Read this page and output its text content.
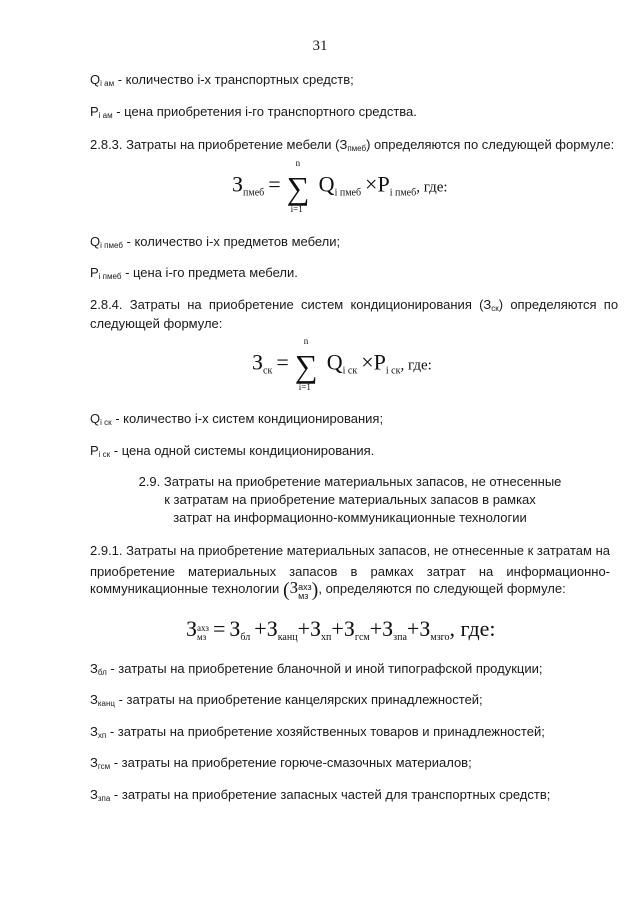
31
$Q_{i ам}$ - количество i-х транспортных средств;
$P_{i ам}$ - цена приобретения i-го транспортного средства.
2.8.3. Затраты на приобретение мебели $(З_{пмеб})$ определяются по следующей формуле:
$З_{пмеб}$ = ∑
n
i=1
$Q_{i пмеб} \times P_{i пмеб}$, где:
$Q_{i пмеб}$ - количество i-х предметов мебели;
$P_{i пмеб}$ - цена i-го предмета мебели.
2.8.4.  Затраты  на  приобретение  систем  кондиционирования  $(З_{ск})$  определяются  по
следующей формуле:
$З_{ск}$ = ∑
n
i=1
$Q_{i ск} \times P_{i ск}$, где:
$Q_{i ск}$ - количество i-х систем кондиционирования;
$P_{i ск}$ - цена одной системы кондиционирования.
2.9. Затраты на приобретение материальных запасов, не отнесенные
к затратам на приобретение материальных запасов в рамках
затрат на информационно-коммуникационные технологии
2.9.1. Затраты на приобретение материальных запасов, не отнесенные к затратам на
приобретение материальных запасов в рамках затрат на информационно-
коммуникационные технологии (З ахз
мз ), определяются по следующей формуле:
З ахз
мз = $З_{бл} +З_{канц}+З_{хп}+З_{гсм}+З_{зпа}+З_{мзго}$, где:
$З_{бл}$ - затраты на приобретение бланочной и иной типографской продукции;
$З_{канц}$ - затраты на приобретение канцелярских принадлежностей;
$З_{хп}$ - затраты на приобретение хозяйственных товаров и принадлежностей;
$З_{гсм}$ - затраты на приобретение горюче-смазочных материалов;
$З_{зпа}$ - затраты на приобретение запасных частей для транспортных средств;
